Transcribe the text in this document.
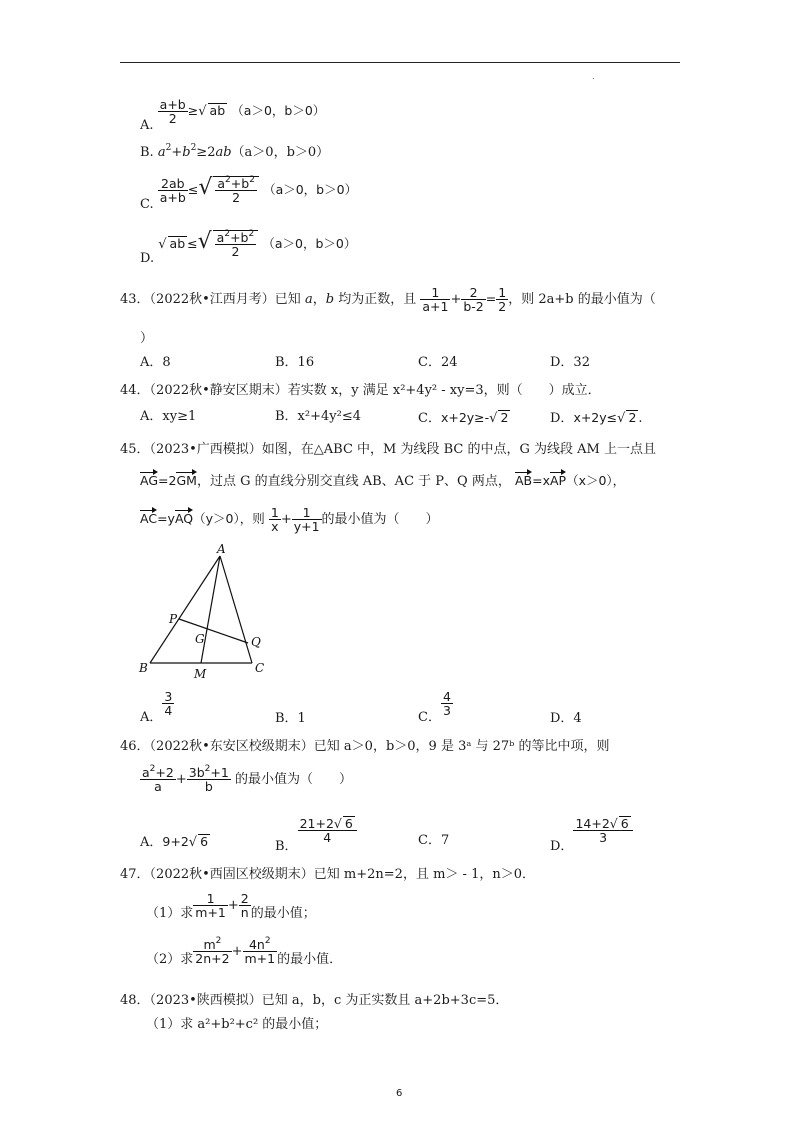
.
A.
$\frac{a+b}{2}$ ≥√ ab （a＞0，b＞0）
B. $a^2+b^2\ge 2ab(a>0$，b＞0）
C.
$\frac{2ab}{a+b}$ ≤√ $\frac{a^2+b^2}{2} (a>0$，b＞0）
D. √ ab ≤√ $\frac{a^2+b^2}{2} (a>0$，b＞0）
43．（2022秋•江西月考）已知 a，b 均为正数，且 $\frac{1}{a+1} + \frac{2}{b-2} = \frac{1}{2}$ ，则 2a+b 的最小值为（
）
A．8	B．16	C．24	D．32
44．（2022秋•静安区期末）若实数 x，y 满足 x²+4y² - xy=3，则（　　）成立．
A．xy≥1	B．x²+4y²≤4	C．x+2y≥-√ 2	D．x+2y≤√ 2 .
45．（2023•广西模拟）如图，在△ABC 中，M 为线段 BC 的中点，G 为线段 AM 上一点且
AG=2GM，过点 G 的直线分别交直线 AB、AC 于 P、Q 两点， AB=xAP（x＞0），
AC=yAQ（y＞0），则 $\frac{1}{x} + \frac{1}{y+1}$ 的最小值为（　　）
A
B	C
P
Q
G
M
A．
$\frac{3}{4}$
B．1	C．
$\frac{4}{3}$
D．4
46．（2022秋•东安区校级期末）已知 a＞0，b＞0，9 是 3ᵃ 与 27ᵇ 的等比中项，则
$\frac{a^2+2}{a} + \frac{3b^2+1}{b}$ 的最小值为（　　）
A．9+2√ 6	B．
$\frac{21+2√ 6}{4}$	C．7	D．
$\frac{14+2√ 6}{3}$
47．（2022秋•西固区校级期末）已知 m+2n=2，且 m＞ - 1，n＞0．
（1）求 $\frac{1}{m+1} + \frac{2}{n}$ 的最小值；
（2）求 $\frac{m^2}{2n+2} + \frac{4n^2}{m+1}$ 的最小值．
48．（2023•陕西模拟）已知 a，b，c 为正实数且 a+2b+3c=5．
（1）求 a²+b²+c² 的最小值；
6
